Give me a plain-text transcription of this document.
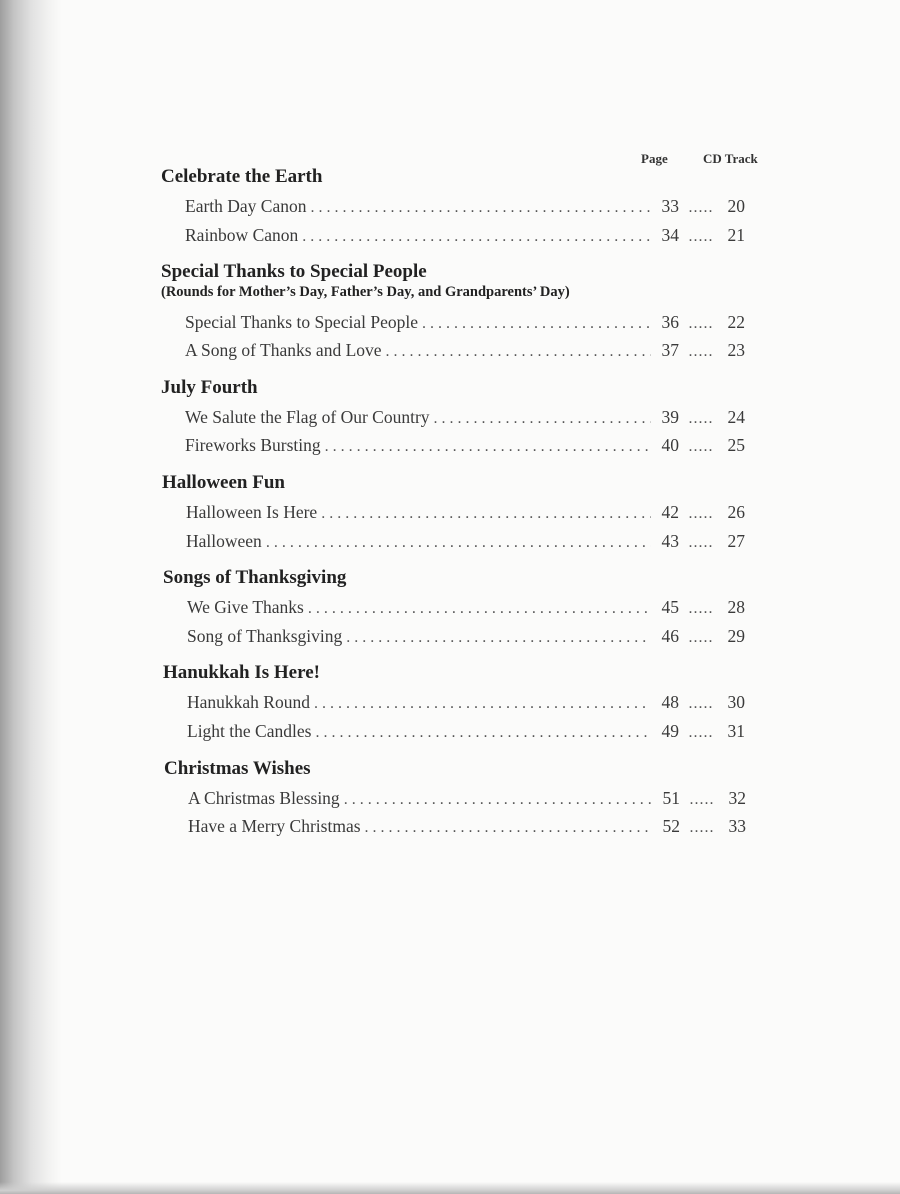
Page	CD Track
Celebrate the Earth
Earth Day Canon . . .	33 ..... 20
Rainbow Canon . . .	34 ..... 21
Special Thanks to Special People
(Rounds for Mother’s Day, Father’s Day, and Grandparents’ Day)
Special Thanks to Special People . . .	36 ..... 22
A Song of Thanks and Love . . .	37 ..... 23
July Fourth
We Salute the Flag of Our Country . . .	39 ..... 24
Fireworks Bursting . . .	40 ..... 25
Halloween Fun
Halloween Is Here . . .	42 ..... 26
Halloween . . .	43 ..... 27
Songs of Thanksgiving
We Give Thanks . . .	45 ..... 28
Song of Thanksgiving . . .	46 ..... 29
Hanukkah Is Here!
Hanukkah Round . . .	48 ..... 30
Light the Candles . . .	49 ..... 31
Christmas Wishes
A Christmas Blessing . . .	51 ..... 32
Have a Merry Christmas . . .	52 ..... 33
